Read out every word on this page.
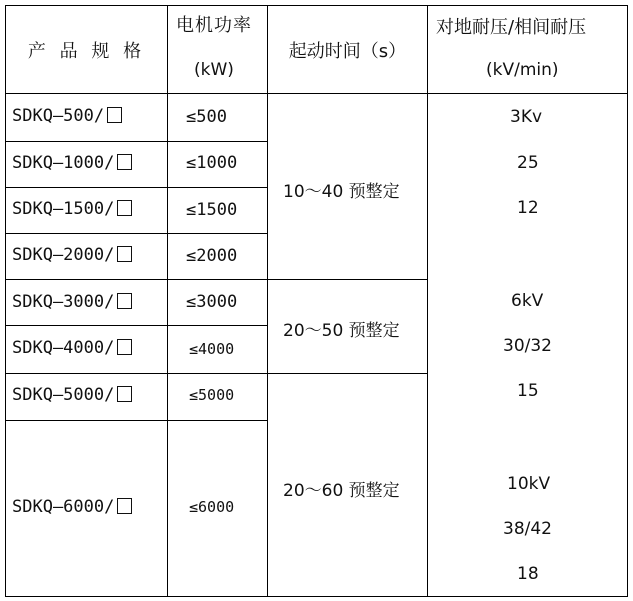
产 品 规 格
电机功率
(kW)
起动时间（s）
对地耐压/相间耐压
(kV/min)
SDKQ—500/
SDKQ—1000/
SDKQ—1500/
SDKQ—2000/
SDKQ—3000/
SDKQ—4000/
SDKQ—5000/
SDKQ—6000/
≤500
≤1000
≤1500
≤2000
≤3000
≤4000
≤5000
≤6000
10～40 预整定
20～50 预整定
20～60 预整定
3Kv
25
12
6kV
30/32
15
10kV
38/42
18
